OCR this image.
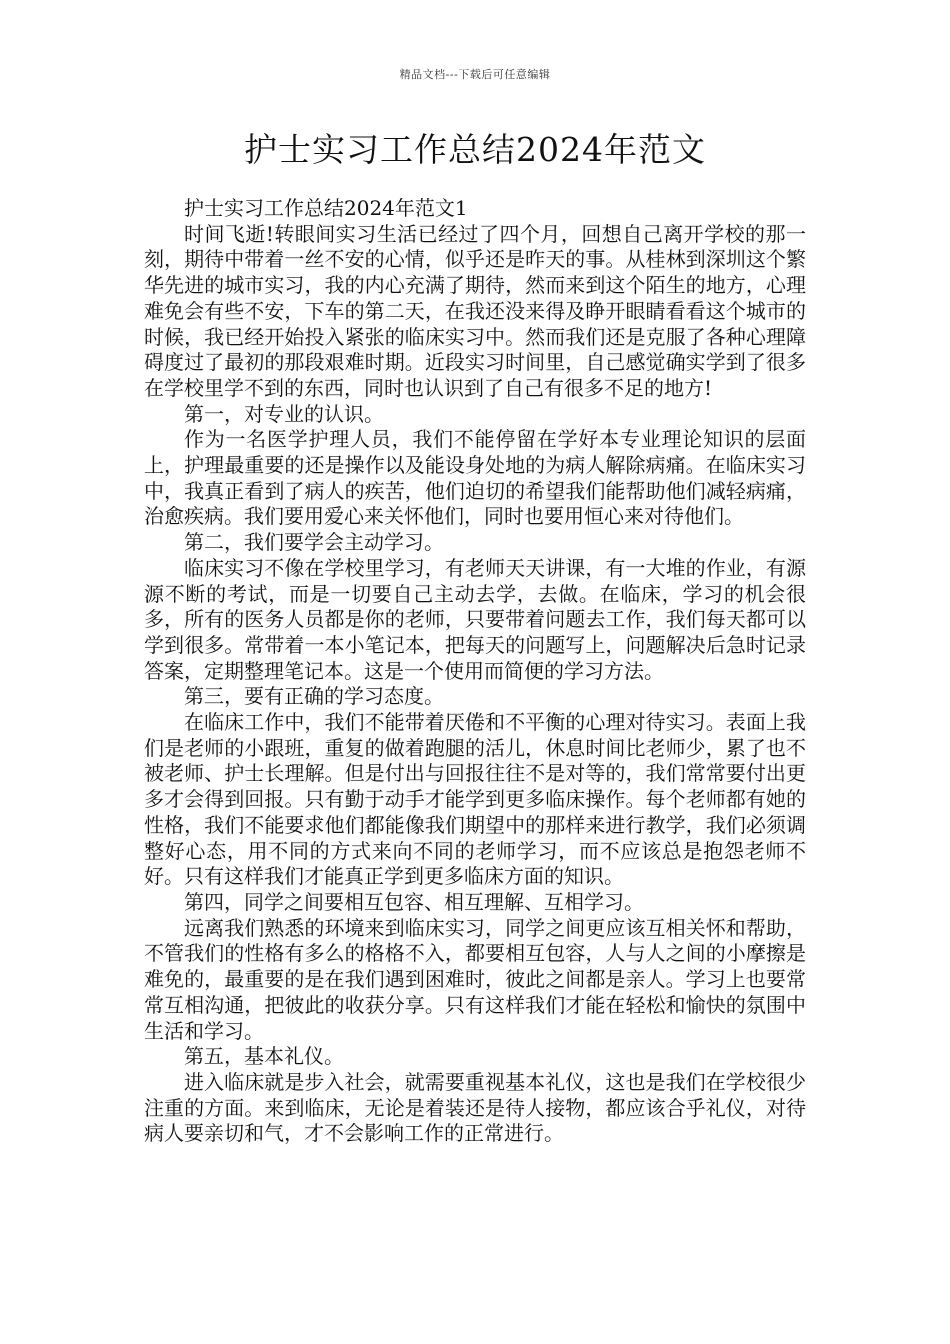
精品文档---下载后可任意编辑
护士实习工作总结2024年范文

护士实习工作总结2024年范文1

时间飞逝!转眼间实习生活已经过了四个月，回想自己离开学校的那一刻，期待中带着一丝不安的心情，似乎还是昨天的事。从桂林到深圳这个繁华先进的城市实习，我的内心充满了期待，然而来到这个陌生的地方，心理难免会有些不安，下车的第二天，在我还没来得及睁开眼睛看看这个城市的时候，我已经开始投入紧张的临床实习中。然而我们还是克服了各种心理障碍度过了最初的那段艰难时期。近段实习时间里，自己感觉确实学到了很多在学校里学不到的东西，同时也认识到了自己有很多不足的地方!

第一，对专业的认识。

作为一名医学护理人员，我们不能停留在学好本专业理论知识的层面上，护理最重要的还是操作以及能设身处地的为病人解除病痛。在临床实习中，我真正看到了病人的疾苦，他们迫切的希望我们能帮助他们减轻病痛，治愈疾病。我们要用爱心来关怀他们，同时也要用恒心来对待他们。

第二，我们要学会主动学习。

临床实习不像在学校里学习，有老师天天讲课，有一大堆的作业，有源源不断的考试，而是一切要自己主动去学，去做。在临床，学习的机会很多，所有的医务人员都是你的老师，只要带着问题去工作，我们每天都可以学到很多。常带着一本小笔记本，把每天的问题写上，问题解决后急时记录答案，定期整理笔记本。这是一个使用而简便的学习方法。

第三，要有正确的学习态度。

在临床工作中，我们不能带着厌倦和不平衡的心理对待实习。表面上我们是老师的小跟班，重复的做着跑腿的活儿，休息时间比老师少，累了也不被老师、护士长理解。但是付出与回报往往不是对等的，我们常常要付出更多才会得到回报。只有勤于动手才能学到更多临床操作。每个老师都有她的性格，我们不能要求他们都能像我们期望中的那样来进行教学，我们必须调整好心态，用不同的方式来向不同的老师学习，而不应该总是抱怨老师不好。只有这样我们才能真正学到更多临床方面的知识。

第四，同学之间要相互包容、相互理解、互相学习。

远离我们熟悉的环境来到临床实习，同学之间更应该互相关怀和帮助，不管我们的性格有多么的格格不入，都要相互包容，人与人之间的小摩擦是难免的，最重要的是在我们遇到困难时，彼此之间都是亲人。学习上也要常常互相沟通，把彼此的收获分享。只有这样我们才能在轻松和愉快的氛围中生活和学习。

第五，基本礼仪。

进入临床就是步入社会，就需要重视基本礼仪，这也是我们在学校很少注重的方面。来到临床，无论是着装还是待人接物，都应该合乎礼仪，对待病人要亲切和气，才不会影响工作的正常进行。
